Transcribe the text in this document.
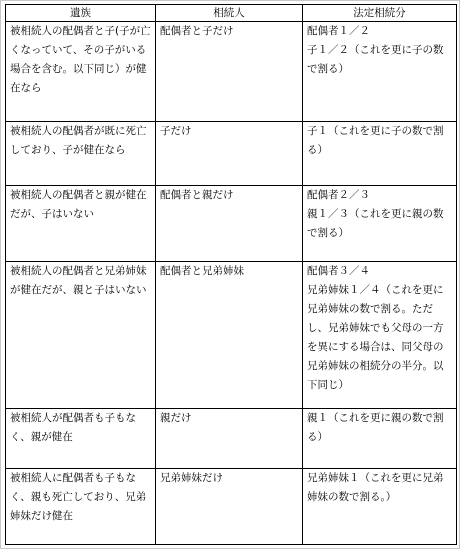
遺族	相続人	法定相続分
被相続人の配偶者と子(子が亡くなっていて、その子がいる場合を含む。以下同じ）が健在なら	配偶者と子だけ	配偶者１／２
子１／２（これを更に子の数で割る）

被相続人の配偶者が既に死亡しており、子が健在なら	子だけ	子１（これを更に子の数で割る）

被相続人の配偶者と親が健在だが、子はいない	配偶者と親だけ	配偶者２／３
親１／３（これを更に親の数で割る）

被相続人の配偶者と兄弟姉妹が健在だが、親と子はいない	配偶者と兄弟姉妹	配偶者３／４
兄弟姉妹１／４（これを更に兄弟姉妹の数で割る。ただし、兄弟姉妹でも父母の一方を異にする場合は、同父母の兄弟姉妹の相続分の半分。以下同じ）

被相続人が配偶者も子もなく、親が健在	親だけ	親１（これを更に親の数で割る）

被相続人に配偶者も子もなく、親も死亡しており、兄弟姉妹だけ健在	兄弟姉妹だけ	兄弟姉妹１（これを更に兄弟姉妹の数で割る。）
